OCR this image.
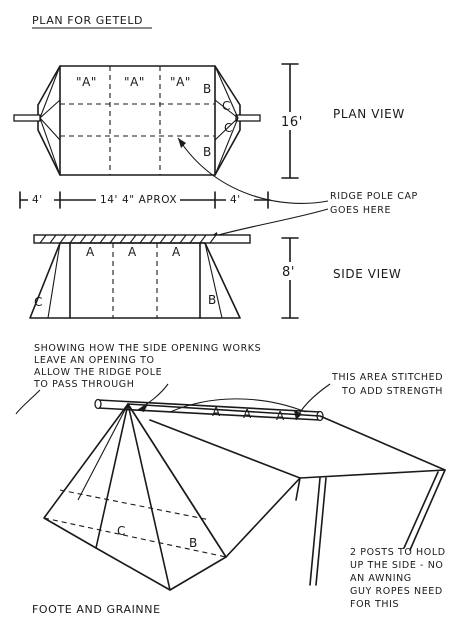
PLAN FOR GETELD
"A" "A" "A" B
C
B
C	16'
PLAN VIEW
4'	14' 4" APROX	4'	RIDGE POLE CAP
GOES HERE
A	A	A
C	B
8'	SIDE VIEW
SHOWING HOW THE SIDE OPENING WORKS
LEAVE AN OPENING TO
ALLOW THE RIDGE POLE
TO PASS THROUGH
THIS AREA STITCHED
TO ADD STRENGTH
A A A
C
B
2 POSTS TO HOLD
UP THE SIDE - NO
AN AWNING
GUY ROPES NEED
FOR THIS
FOOTE AND GRAINNE
